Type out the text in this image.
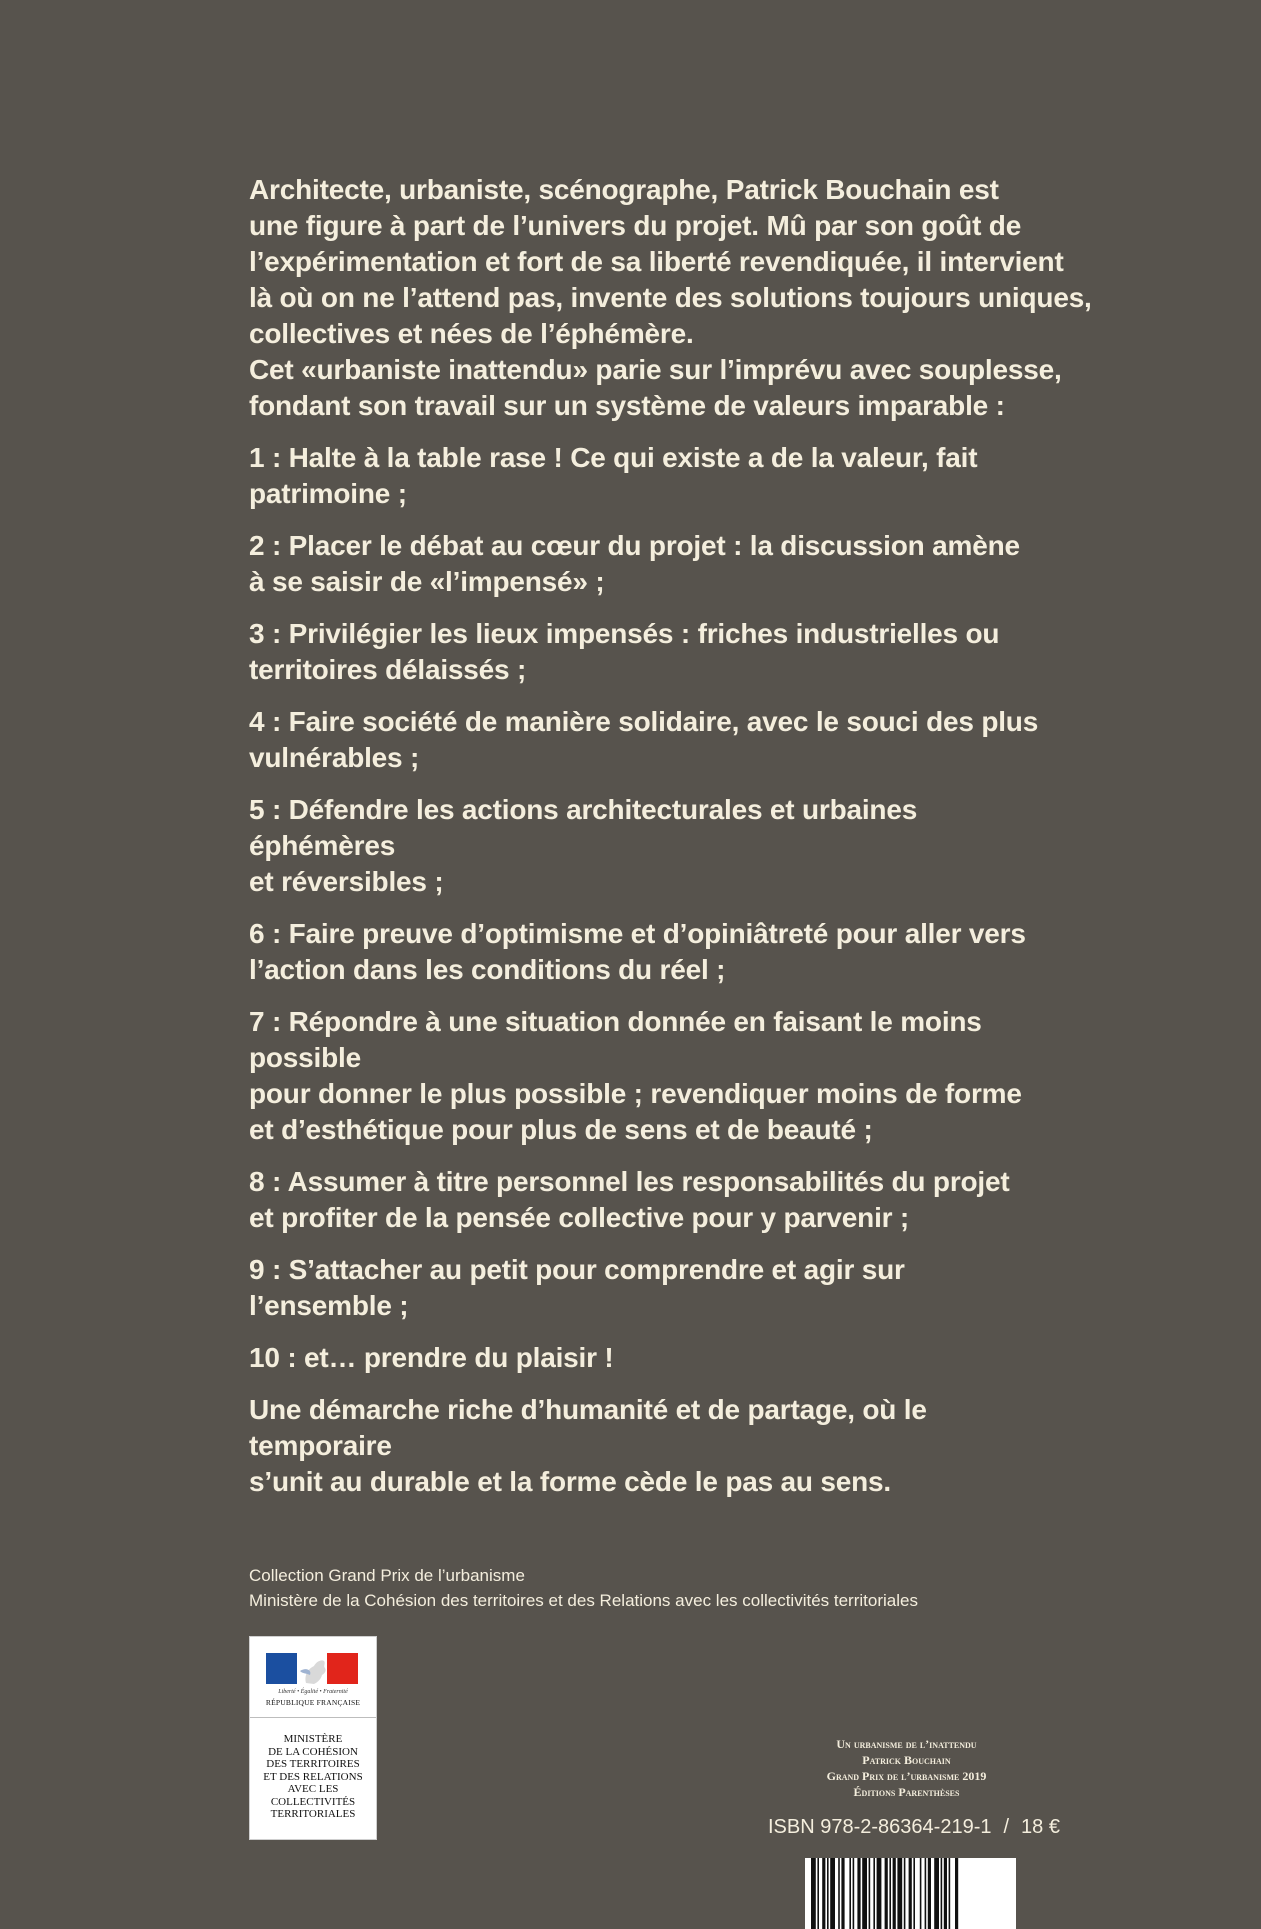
Architecte, urbaniste, scénographe, Patrick Bouchain est
une figure à part de l’univers du projet. Mû par son goût de
l’expérimentation et fort de sa liberté revendiquée, il intervient
là où on ne l’attend pas, invente des solutions toujours uniques,
collectives et nées de l’éphémère.
Cet «urbaniste inattendu» parie sur l’imprévu avec souplesse,
fondant son travail sur un système de valeurs imparable :
1 : Halte à la table rase ! Ce qui existe a de la valeur, fait
patrimoine ;
2 : Placer le débat au cœur du projet : la discussion amène
à se saisir de «l’impensé» ;
3 : Privilégier les lieux impensés : friches industrielles ou
territoires délaissés ;
4 : Faire société de manière solidaire, avec le souci des plus
vulnérables ;
5 : Défendre les actions architecturales et urbaines éphémères
et réversibles ;
6 : Faire preuve d’optimisme et d’opiniâtreté pour aller vers
l’action dans les conditions du réel ;
7 : Répondre à une situation donnée en faisant le moins possible
pour donner le plus possible ; revendiquer moins de forme
et d’esthétique pour plus de sens et de beauté ;
8 : Assumer à titre personnel les responsabilités du projet
et profiter de la pensée collective pour y parvenir ;
9 : S’attacher au petit pour comprendre et agir sur l’ensemble ;
10 : et… prendre du plaisir !
Une démarche riche d’humanité et de partage, où le temporaire
s’unit au durable et la forme cède le pas au sens.
Collection Grand Prix de l’urbanisme
Ministère de la Cohésion des territoires et des Relations avec les collectivités territoriales
Liberté • Égalité • Fraternité
RÉPUBLIQUE FRANÇAISE
MINISTÈRE
DE LA COHÉSION
DES TERRITOIRES
ET DES RELATIONS
AVEC LES
COLLECTIVITÉS
TERRITORIALES
Un urbanisme de l’inattendu
Patrick Bouchain
Grand Prix de l’urbanisme 2019
Éditions Parenthèses
ISBN 978-2-86364-219-1 / 18 €
